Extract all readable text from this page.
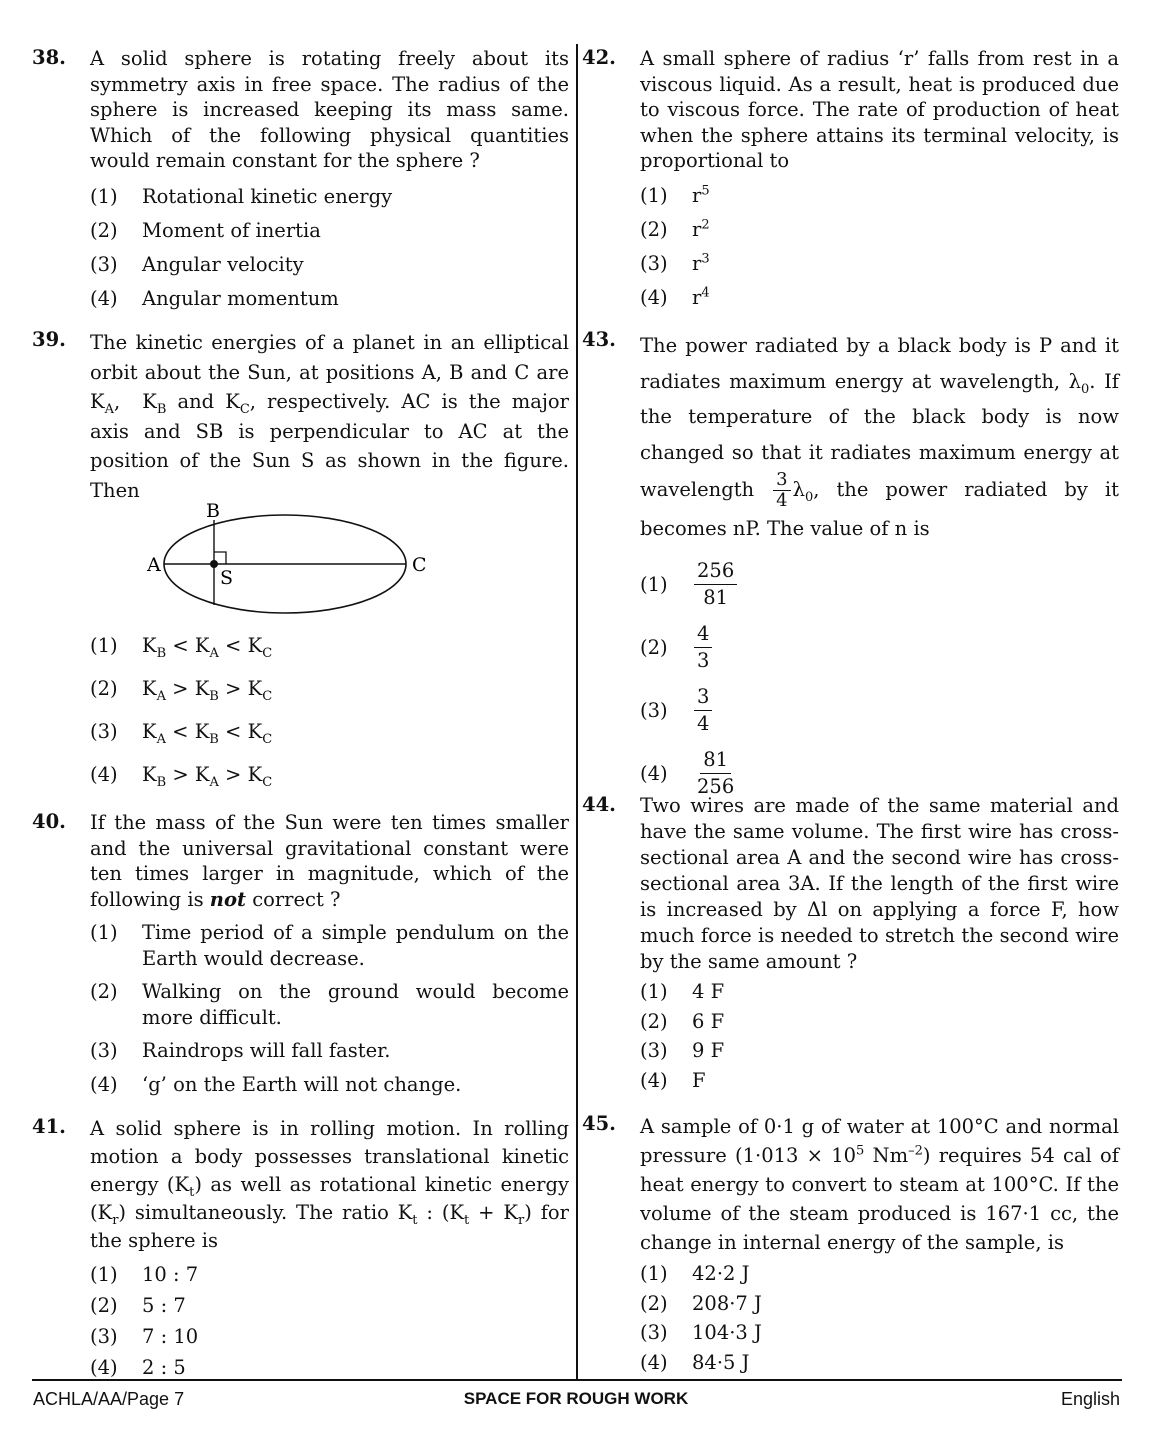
38. A solid sphere is rotating freely about its symmetry axis in free space. The radius of the sphere is increased keeping its mass same. Which of the following physical quantities would remain constant for the sphere ?
(1)	Rotational kinetic energy
(2)	Moment of inertia
(3)	Angular velocity
(4)	Angular momentum
39. The kinetic energies of a planet in an elliptical orbit about the Sun, at positions A, B and C are $K_A$,  $K_B$ and $K_C$, respectively. AC is the major axis and SB is perpendicular to AC at the position of the Sun S as shown in the figure. Then
A
B
C
S
(1)	$K_B < K_A < K_C$
(2)	$K_A > K_B > K_C$
(3)	$K_A < K_B < K_C$
(4)	$K_B > K_A > K_C$
40. If the mass of the Sun were ten times smaller and the universal gravitational constant were ten times larger in magnitude, which of the following is not correct ?
(1)	Time period of a simple pendulum on the Earth would decrease.
(2)	Walking on the ground would become more difficult.
(3)	Raindrops will fall faster.
(4)	‘g’ on the Earth will not change.
41. A solid sphere is in rolling motion. In rolling motion a body possesses translational kinetic energy $(K_t)$ as well as rotational kinetic energy $(K_r)$ simultaneously. The ratio $K_t$ : $(K_t + K_r)$ for the sphere is
(1)	10 : 7
(2)	5 : 7
(3)	7 : 10
(4)	2 : 5
42. A small sphere of radius ‘r’ falls from rest in a viscous liquid. As a result, heat is produced due to viscous force. The rate of production of heat when the sphere attains its terminal velocity, is proportional to
(1)	$r^5$
(2)	$r^2$
(3)	$r^3$
(4)	$r^4$
43. The power radiated by a black body is P and it radiates maximum energy at wavelength, $\lambda_0$. If the temperature of the black body is now changed so that it radiates maximum energy at wavelength $\frac{3}{4} \lambda_0$, the power radiated by it becomes nP. The value of n is
(1)	$\frac{256}{81}$
(2)	$\frac{4}{3}$
(3)	$\frac{3}{4}$
(4)	$\frac{81}{256}$
44. Two wires are made of the same material and have the same volume. The first wire has cross-sectional area A and the second wire has cross-sectional area 3A. If the length of the first wire is increased by Δl on applying a force F, how much force is needed to stretch the second wire by the same amount ?
(1)	4 F
(2)	6 F
(3)	9 F
(4)	F
45. A sample of 0·1 g of water at 100°C and normal pressure ($1\cdot 013 \times 10^5$ $Nm^{-2}$) requires 54 cal of heat energy to convert to steam at 100°C. If the volume of the steam produced is 167·1 cc, the change in internal energy of the sample, is
(1)	42·2 J
(2)	208·7 J
(3)	104·3 J
(4)	84·5 J
ACHLA/AA/Page 7	SPACE FOR ROUGH WORK	English
